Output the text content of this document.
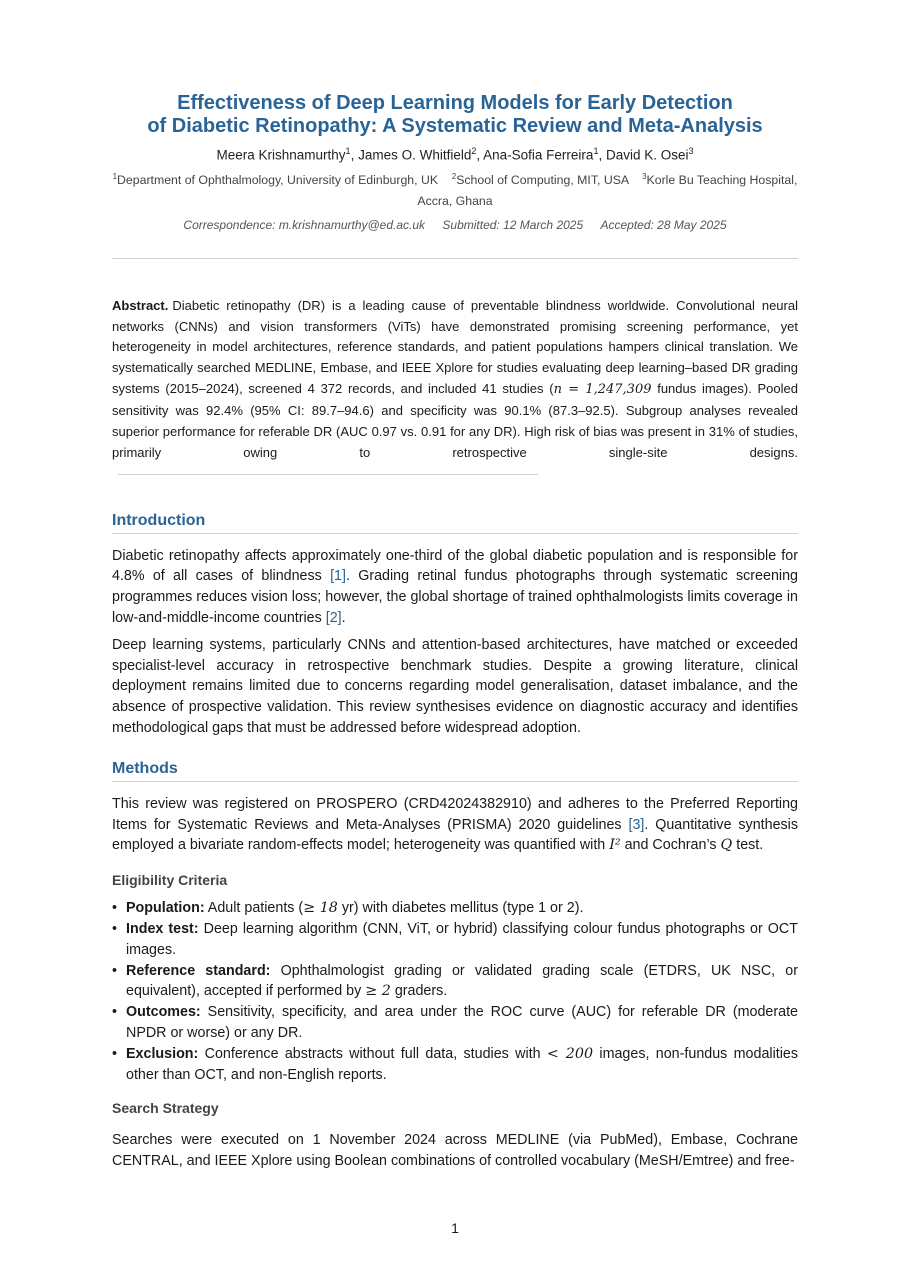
Effectiveness of Deep Learning Models for Early Detection
of Diabetic Retinopathy: A Systematic Review and Meta-Analysis
Meera Krishnamurthy$^1$, James O. Whitfield$^2$, Ana-Sofia Ferreira$^1$, David K. Osei$^3$
$^1$Department of Ophthalmology, University of Edinburgh, UK $^2$School of Computing, MIT, USA $^3$Korle Bu Teaching Hospital, Accra, Ghana
Correspondence: m.krishnamurthy@ed.ac.uk Submitted: 12 March 2025 Accepted: 28 May 2025

Abstract. Diabetic retinopathy (DR) is a leading cause of preventable blindness worldwide. Convolutional neural networks (CNNs) and vision transformers (ViTs) have demonstrated promising screening performance, yet heterogeneity in model architectures, reference standards, and patient populations hampers clinical translation. We systematically searched MEDLINE, Embase, and IEEE Xplore for studies evaluating deep learning–based DR grading systems (2015–2024), screened 4 372 records, and included 41 studies (n = 1,247,309 fundus images). Pooled sensitivity was 92.4% (95% CI: 89.7–94.6) and specificity was 90.1% (87.3–92.5). Subgroup analyses revealed superior performance for referable DR (AUC 0.97 vs. 0.91 for any DR). High risk of bias was present in 31% of studies, primarily owing to retrospective single-site designs.

Introduction

Diabetic retinopathy affects approximately one-third of the global diabetic population and is responsible for 4.8% of all cases of blindness [1]. Grading retinal fundus photographs through systematic screening programmes reduces vision loss; however, the global shortage of trained ophthalmologists limits coverage in low-and-middle-income countries [2].

Deep learning systems, particularly CNNs and attention-based architectures, have matched or exceeded specialist-level accuracy in retrospective benchmark studies. Despite a growing literature, clinical deployment remains limited due to concerns regarding model generalisation, dataset imbalance, and the absence of prospective validation. This review synthesises evidence on diagnostic accuracy and identifies methodological gaps that must be addressed before widespread adoption.

Methods

This review was registered on PROSPERO (CRD42024382910) and adheres to the Preferred Reporting Items for Systematic Reviews and Meta-Analyses (PRISMA) 2020 guidelines [3]. Quantitative synthesis employed a bivariate random-effects model; heterogeneity was quantified with I² and Cochran’s Q test.

Eligibility Criteria
• Population: Adult patients (≥ 18 yr) with diabetes mellitus (type 1 or 2).
• Index test: Deep learning algorithm (CNN, ViT, or hybrid) classifying colour fundus photographs or OCT images.
• Reference standard: Ophthalmologist grading or validated grading scale (ETDRS, UK NSC, or equivalent), accepted if performed by ≥ 2 graders.
• Outcomes: Sensitivity, specificity, and area under the ROC curve (AUC) for referable DR (moderate NPDR or worse) or any DR.
• Exclusion: Conference abstracts without full data, studies with < 200 images, non-fundus modalities other than OCT, and non-English reports.
Search Strategy

Searches were executed on 1 November 2024 across MEDLINE (via PubMed), Embase, Cochrane CENTRAL, and IEEE Xplore using Boolean combinations of controlled vocabulary (MeSH/Emtree) and free-

1
